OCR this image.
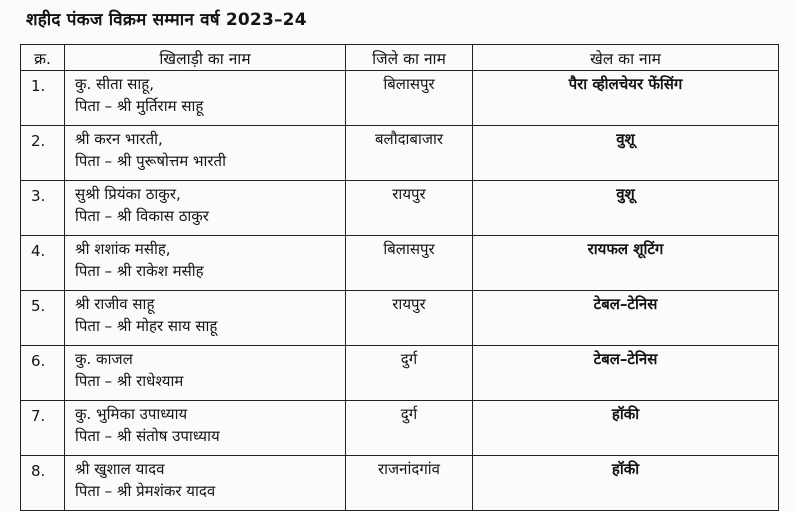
शहीद पंकज विक्रम सम्मान वर्ष 2023–24
क्र.	खिलाड़ी का नाम	जिले का नाम	खेल का नाम
1.	कु. सीता साहू,
पिता – श्री मुर्तिराम साहू	बिलासपुर	पैरा व्हीलचेयर फेंसिंग
2.	श्री करन भारती,
पिता – श्री पुरूषोत्तम भारती	बलौदाबाजार	वुशू
3.	सुश्री प्रियंका ठाकुर,
पिता – श्री विकास ठाकुर	रायपुर	वुशू
4.	श्री शशांक मसीह,
पिता – श्री राकेश मसीह	बिलासपुर	रायफल शूटिंग
5.	श्री राजीव साहू
पिता – श्री मोहर साय साहू	रायपुर	टेबल–टेनिस
6.	कु. काजल
पिता – श्री राधेश्याम	दुर्ग	टेबल–टेनिस
7.	कु. भुमिका उपाध्याय
पिता – श्री संतोष उपाध्याय	दुर्ग	हॉकी
8.	श्री खुशाल यादव
पिता – श्री प्रेमशंकर यादव	राजनांदगांव	हॉकी
